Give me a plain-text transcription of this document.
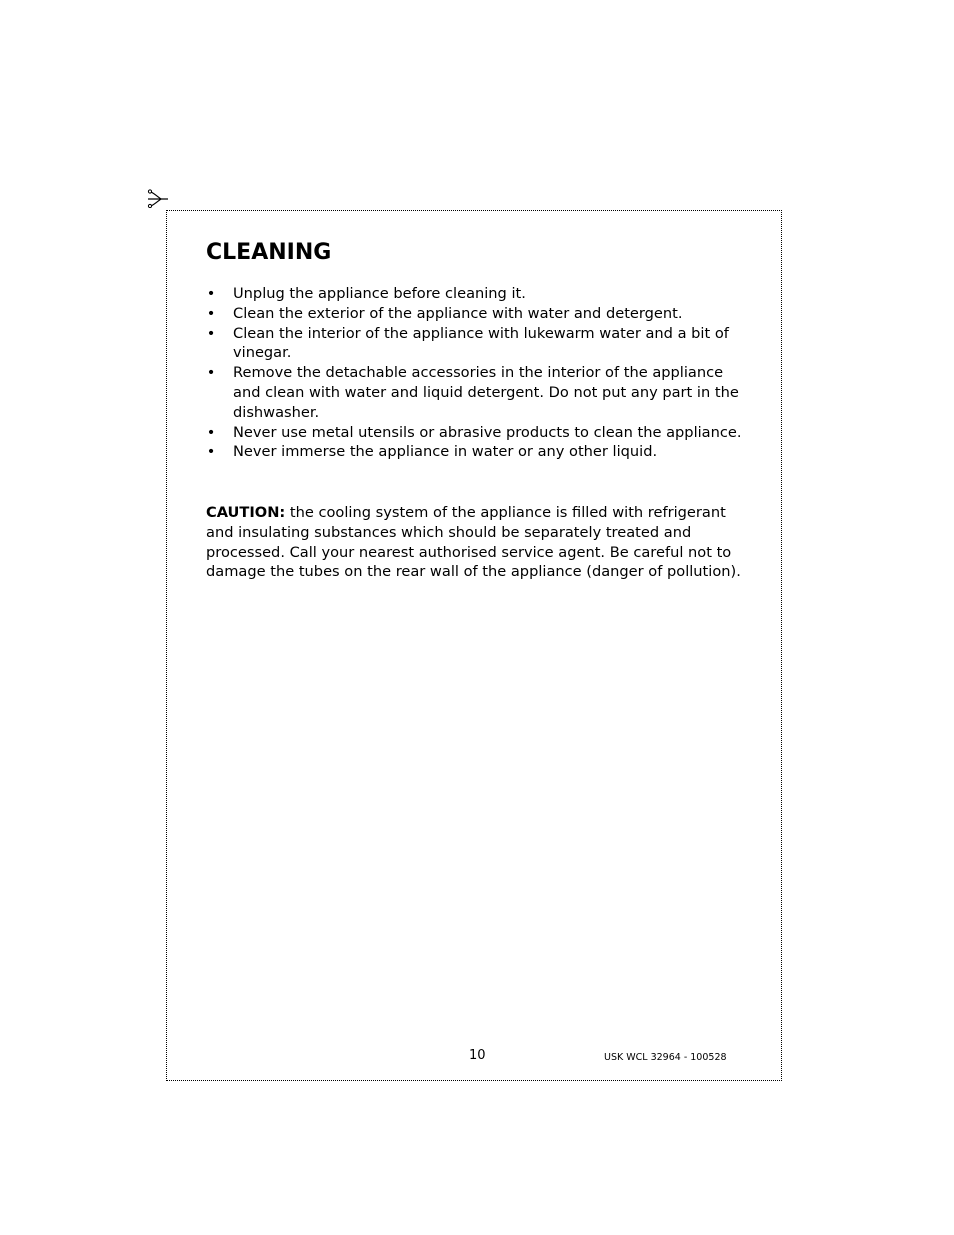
CLEANING
• Unplug the appliance before cleaning it.
• Clean the exterior of the appliance with water and detergent.
• Clean the interior of the appliance with lukewarm water and a bit of vinegar.
• Remove the detachable accessories in the interior of the appliance and clean with water and liquid detergent. Do not put any part in the dishwasher.
• Never use metal utensils or abrasive products to clean the appliance.
• Never immerse the appliance in water or any other liquid.

CAUTION: the cooling system of the appliance is filled with refrigerant and insulating substances which should be separately treated and processed. Call your nearest authorised service agent. Be careful not to damage the tubes on the rear wall of the appliance (danger of pollution).

10	USK WCL 32964 - 100528
